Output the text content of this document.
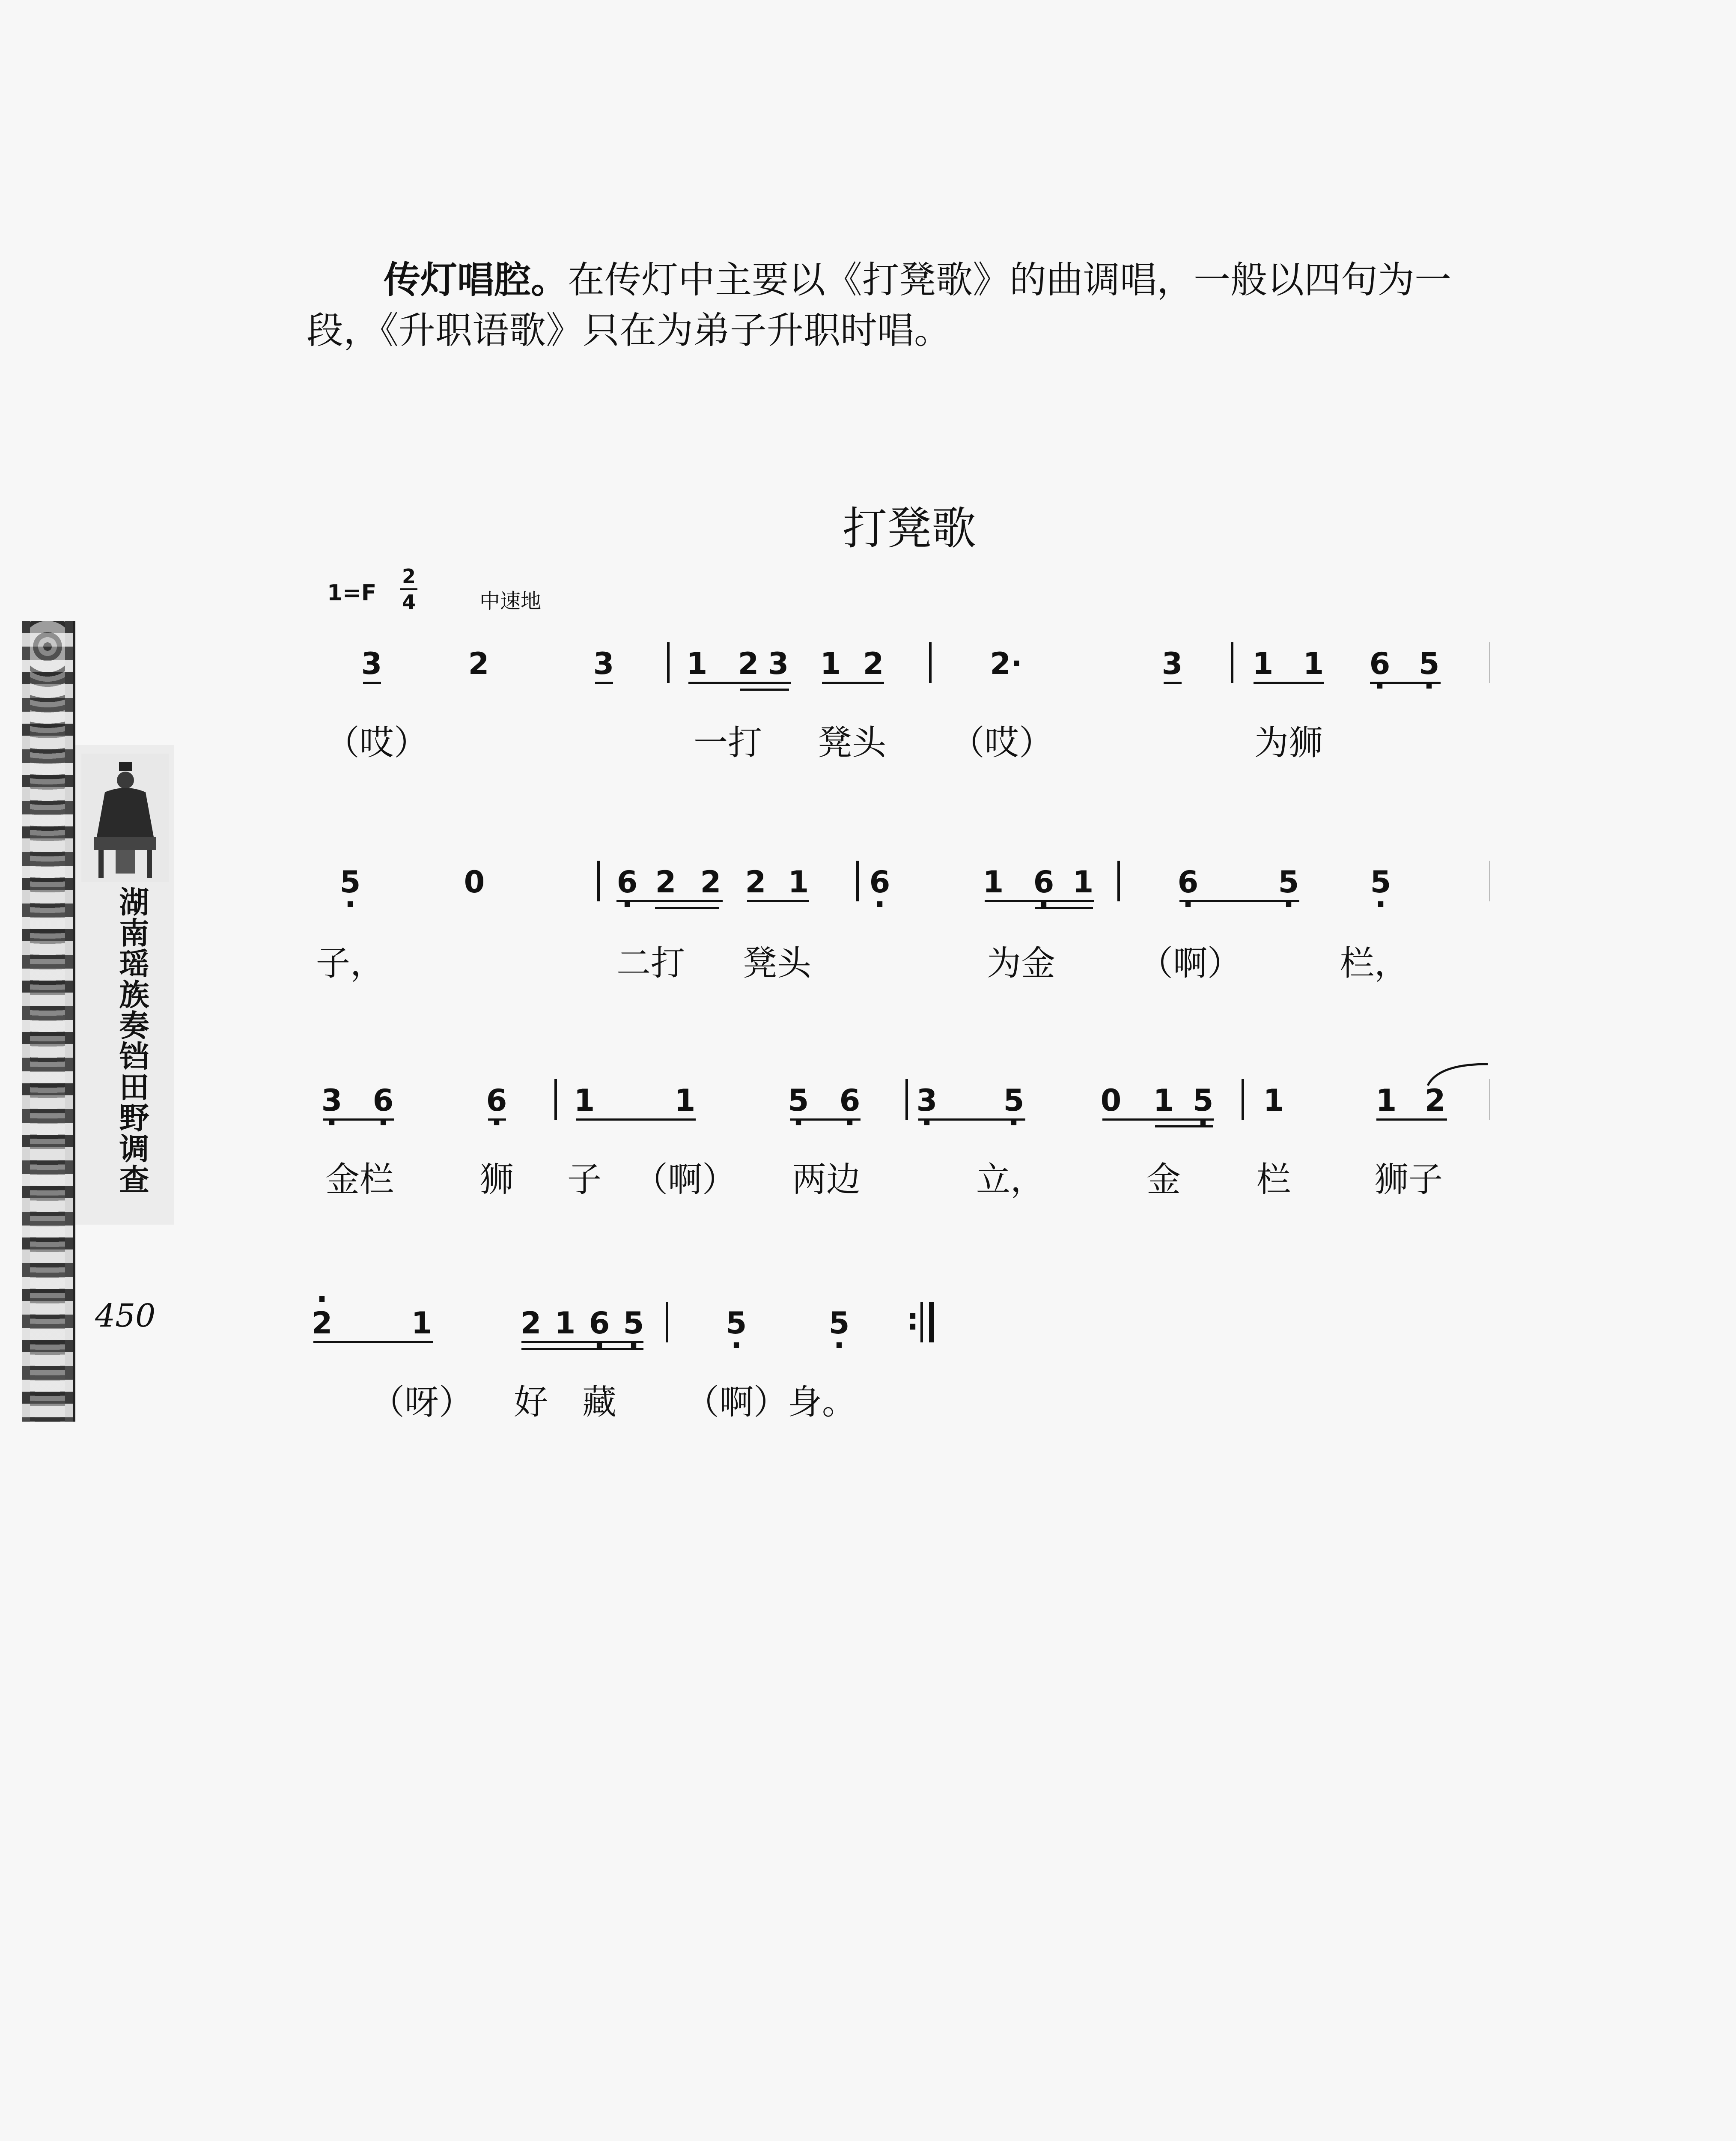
湖南瑶族奏铛田野调查
450
传灯唱腔。在传灯中主要以《打凳歌》的曲调唱，一般以四句为一段，《升职语歌》只在为弟子升职时唱。
打凳歌
1=F
2
4	中速地
3	2	3 1 2 3 1 2	2·	3 1 1 6 · 5 ·
（哎）	一打 凳头 （哎）	为狮
5 ·	0	6 · 2 2 2 1 6 ·	1 6 · 1	6 ·	5 · 5 ·
子，	二打 凳头	为金 （啊）	栏，
3 · 6 ·	6 · 1	1	5 · 6 · 3 · 5 ·	0 1 5 · 1	1 2
金栏	狮 子 （啊） 两边	立，	金 栏 狮子
· 2	1	2 1 6 · 5 ·	5 ·	5 · :
（呀） 好 藏 （啊）身。
